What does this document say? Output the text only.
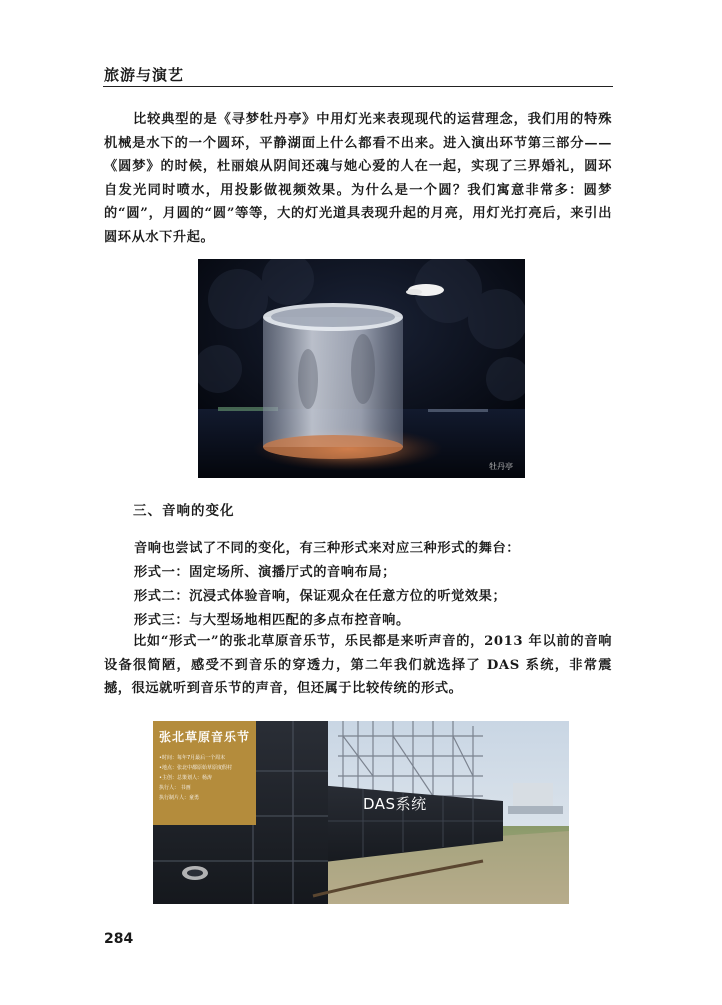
旅游与演艺
比较典型的是《寻梦牡丹亭》中用灯光来表现现代的运营理念，我们用的特殊机械是水下的一个圆环，平静湖面上什么都看不出来。进入演出环节第三部分——《圆梦》的时候，杜丽娘从阴间还魂与她心爱的人在一起，实现了三界婚礼，圆环自发光同时喷水，用投影做视频效果。为什么是一个圆？我们寓意非常多：圆梦的“圆”，月圆的“圆”等等，大的灯光道具表现升起的月亮，用灯光打亮后，来引出圆环从水下升起。
牡丹亭
三、音响的变化
音响也尝试了不同的变化，有三种形式来对应三种形式的舞台：
形式一：固定场所、演播厅式的音响布局；
形式二：沉浸式体验音响，保证观众在任意方位的听觉效果；
形式三：与大型场地相匹配的多点布控音响。
比如“形式一”的张北草原音乐节，乐民都是来听声音的，2013 年以前的音响设备很简陋，感受不到音乐的穿透力，第二年我们就选择了 DAS 系统，非常震撼，很远就听到音乐节的声音，但还属于比较传统的形式。
张北草原音乐节
•时间：每年7月最后一个周末
•地点：张北中都原始草原度假村
•主创：总策划人：杨涛
执行人： 书画
执行制片人：童勇	DAS系统
284
